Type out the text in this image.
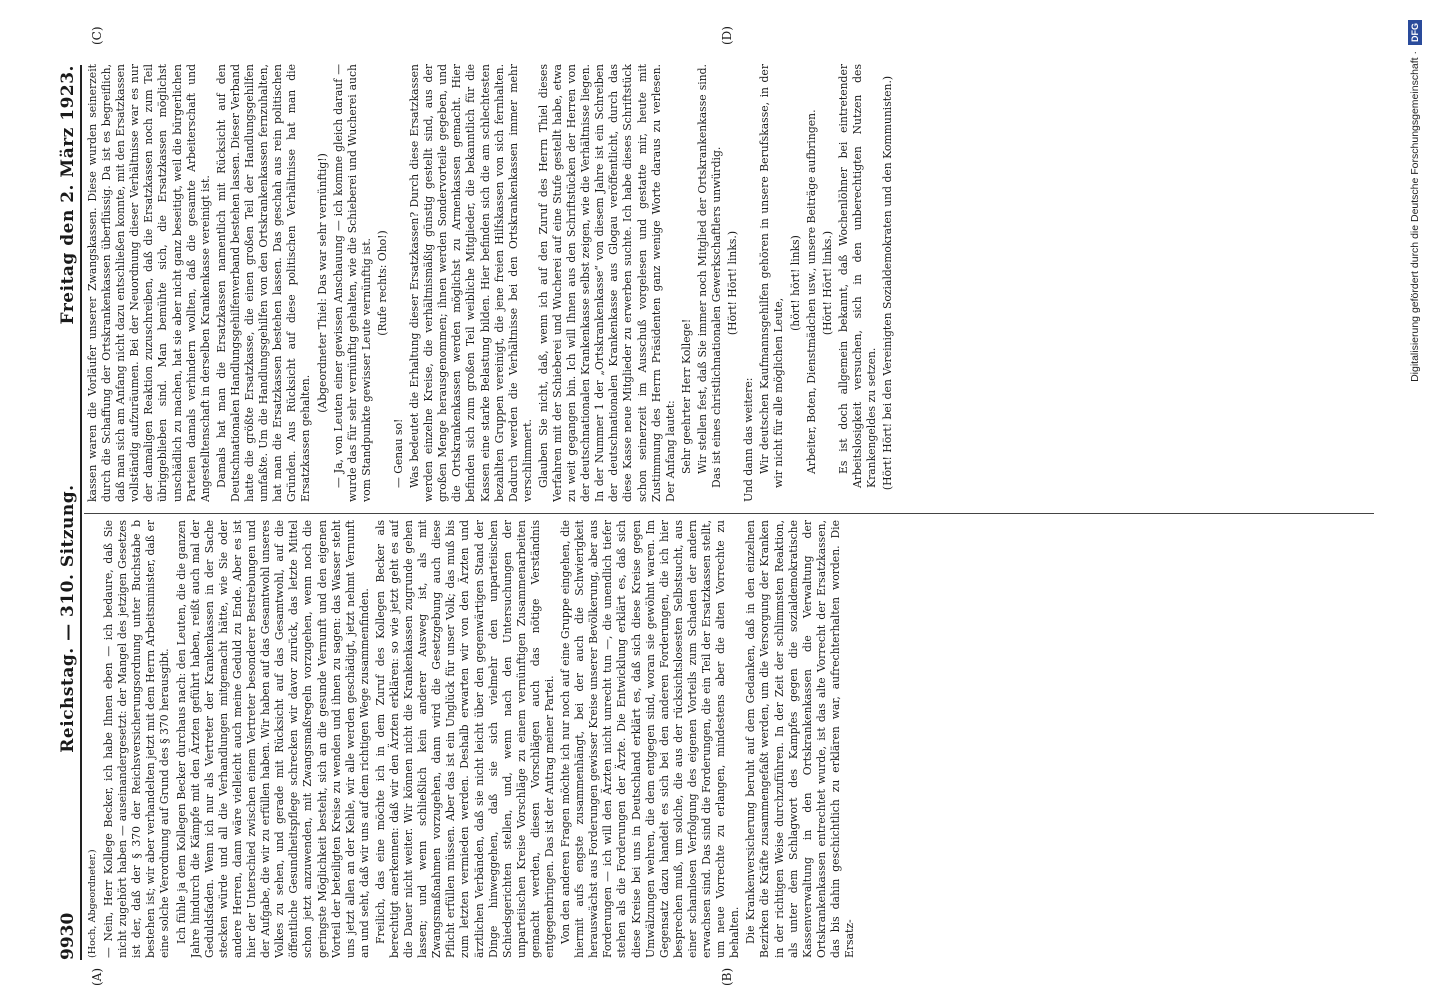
9930
Reichstag. — 310. Sitzung.
Freitag den 2. März 1923.
(A)	(B)
(C)	(D)

(Hoch, Abgeordneter.) — Nein, Herr Kollege Becker, ich habe Ihnen eben — ich bedaure, daß Sie nicht zugehört haben — auseinandergesetzt: der Mangel des jetzigen Gesetzes ist der, daß der § 370 der Reichsversicherungsordnung unter Buchstabe b bestehen ist; wir aber verhandelten jetzt mit dem Herrn Arbeitsminister, daß er eine solche Verordnung auf Grund des § 370 herausgibt. Ich fühle ja dem Kollegen Becker durchaus nach: den Leuten, die die ganzen Jahre hindurch die Kämpfe mit den Ärzten geführt haben, reißt auch mal der Geduldsfaden. Wenn ich nur als Vertreter der Krankenkassen in der Sache stecken würde und all die Verhandlungen mitgemacht hätte, wie Sie oder andere Herren, dann wäre vielleicht auch meine Geduld zu Ende. Aber es ist hier der Unterschied zwischen einem Vertreter besonderer Bestrebungen und der Aufgabe, die wir zu erfüllen haben. Wir haben auf das Gesamtwohl unseres Volkes zu sehen, und gerade mit Rücksicht auf das Gesamtwohl, auf die öffentliche Gesundheitspflege schrecken wir davor zurück, das letzte Mittel schon jetzt anzuwenden, mit Zwangsmaßregeln vorzugehen, wenn noch die geringste Möglichkeit besteht, sich an die gesunde Vernunft und den eigenen Vorteil der beteiligten Kreise zu wenden und ihnen zu sagen: das Wasser steht uns jetzt allen an der Kehle, wir alle werden geschädigt, jetzt nehmt Vernunft an und seht, daß wir uns auf dem richtigen Wege zusammenfinden. Freilich, das eine möchte ich in dem Zuruf des Kollegen Becker als berechtigt anerkennen: daß wir den Ärzten erklären: so wie jetzt geht es auf die Dauer nicht weiter. Wir können nicht die Krankenkassen zugrunde gehen lassen; und wenn schließlich kein anderer Ausweg ist, als mit Zwangsmaßnahmen vorzugehen, dann wird die Gesetzgebung auch diese Pflicht erfüllen müssen. Aber das ist ein Unglück für unser Volk; das muß bis zum letzten vermieden werden. Deshalb erwarten wir von den Ärzten und ärztlichen Verbänden, daß sie nicht leicht über den gegenwärtigen Stand der Dinge hinweggehen, daß sie sich vielmehr den unparteiischen Schiedsgerichten stellen, und, wenn nach den Untersuchungen der unparteiischen Kreise Vorschläge zu einem vernünftigen Zusammenarbeiten gemacht werden, diesen Vorschlägen auch das nötige Verständnis entgegenbringen. Das ist der Antrag meiner Partei. Von den anderen Fragen möchte ich nur noch auf eine Gruppe eingehen, die hiermit aufs engste zusammenhängt, bei der auch die Schwierigkeit herauswächst aus Forderungen gewisser Kreise unserer Bevölkerung, aber aus Forderungen — ich will den Ärzten nicht unrecht tun —, die unendlich tiefer stehen als die Forderungen der Ärzte. Die Entwicklung erklärt es, daß sich diese Kreise bei uns in Deutschland erklärt es, daß sich diese Kreise gegen Umwälzungen wehren, die dem entgegen sind, woran sie gewöhnt waren. Im Gegensatz dazu handelt es sich bei den anderen Forderungen, die ich hier besprechen muß, um solche, die aus der rücksichtslosesten Selbstsucht, aus einer schamlosen Verfolgung des eigenen Vorteils zum Schaden der andern erwachsen sind. Das sind die Forderungen, die ein Teil der Ersatzkassen stellt, um neue Vorrechte zu erlangen, mindestens aber die alten Vorrechte zu behalten. Die Krankenversicherung beruht auf dem Gedanken, daß in den einzelnen Bezirken die Kräfte zusammengefaßt werden, um die Versorgung der Kranken in der richtigen Weise durchzuführen. In der Zeit der schlimmsten Reaktion, als unter dem Schlagwort des Kampfes gegen die sozialdemokratische Kassenverwaltung in den Ortskrankenkassen die Verwaltung der Ortskrankenkassen entrechtet wurde, ist das alte Vorrecht der Ersatzkassen, das bis dahin geschichtlich zu erklären war, aufrechterhalten worden. Die Ersatz-

kassen waren die Vorläufer unserer Zwangskassen. Diese wurden seinerzeit durch die Schaffung der Ortskrankenkassen überflüssig. Da ist es begreiflich, daß man sich am Anfang nicht dazu entschließen konnte, mit den Ersatzkassen vollständig aufzuräumen. Bei der Neuordnung dieser Verhältnisse war es nur der damaligen Reaktion zuzuschreiben, daß die Ersatzkassen noch zum Teil übriggeblieben sind. Man bemühte sich, die Ersatzkassen möglichst unschädlich zu machen, hat sie aber nicht ganz beseitigt, weil die bürgerlichen Parteien damals verhindern wollten, daß die gesamte Arbeiterschaft und Angestelltenschaft in derselben Krankenkasse vereinigt ist. Damals hat man die Ersatzkassen namentlich mit Rücksicht auf den Deutschnationalen Handlungsgehilfenverband bestehen lassen. Dieser Verband hatte die größte Ersatzkasse, die einen großen Teil der Handlungsgehilfen umfaßte. Um die Handlungsgehilfen von den Ortskrankenkassen fernzuhalten, hat man die Ersatzkassen bestehen lassen. Das geschah aus rein politischen Gründen. Aus Rücksicht auf diese politischen Verhältnisse hat man die Ersatzkassen gehalten.

(Abgeordneter Thiel: Das war sehr vernünftig!) — Ja, von Leuten einer gewissen Anschauung — ich komme gleich darauf — wurde das für sehr vernünftig gehalten, wie die Schieberei und Wucherei auch vom Standpunkte gewisser Leute vernünftig ist. (Rufe rechts: Oho!)

— Genau so! Was bedeutet die Erhaltung dieser Ersatzkassen? Durch diese Ersatzkassen werden einzelne Kreise, die verhältnismäßig günstig gestellt sind, aus der großen Menge herausgenommen; ihnen werden Sondervorteile gegeben, und die Ortskrankenkassen werden möglichst zu Armenkassen gemacht. Hier befinden sich zum großen Teil weibliche Mitglieder, die bekanntlich für die Kassen eine starke Belastung bilden. Hier befinden sich die am schlechtesten bezahlten Gruppen vereinigt, die jene freien Hilfskassen von sich fernhalten. Dadurch werden die Verhältnisse bei den Ortskrankenkassen immer mehr verschlimmert. Glauben Sie nicht, daß, wenn ich auf den Zuruf des Herrn Thiel dieses Verfahren mit der Schieberei und Wucherei auf eine Stufe gestellt habe, etwa zu weit gegangen bin. Ich will Ihnen aus den Schriftstücken der Herren von der deutschnationalen Krankenkasse selbst zeigen, wie die Verhältnisse liegen. In der Nummer 1 der „Ortskrankenkasse“ von diesem Jahre ist ein Schreiben der deutschnationalen Krankenkasse aus Glogau veröffentlicht, durch das diese Kasse neue Mitglieder zu erwerben suchte. Ich habe dieses Schriftstück schon seinerzeit im Ausschuß vorgelesen und gestatte mir, heute mit Zustimmung des Herrn Präsidenten ganz wenige Worte daraus zu verlesen. Der Anfang lautet: Sehr geehrter Herr Kollege! Wir stellen fest, daß Sie immer noch Mitglied der Ortskrankenkasse sind. Das ist eines christlichnationalen Gewerkschaftlers unwürdig. (Hört! Hört! links.)

Und dann das weitere: Wir deutschen Kaufmannsgehilfen gehören in unsere Berufskasse, in der wir nicht für alle möglichen Leute,

(hört! hört! links) Arbeiter, Boten, Dienstmädchen usw., unsere Beiträge aufbringen. (Hört! Hört! links.) Es ist doch allgemein bekannt, daß Wochenlöhner bei eintretender Arbeitslosigkeit versuchen, sich in den unberechtigten Nutzen des Krankengeldes zu setzen. (Hört! Hört! bei den Vereinigten Sozialdemokraten und den Kommunisten.)	Digitalisierung gefördert durch die Deutsche Forschungsgemeinschaft ·
DFG
